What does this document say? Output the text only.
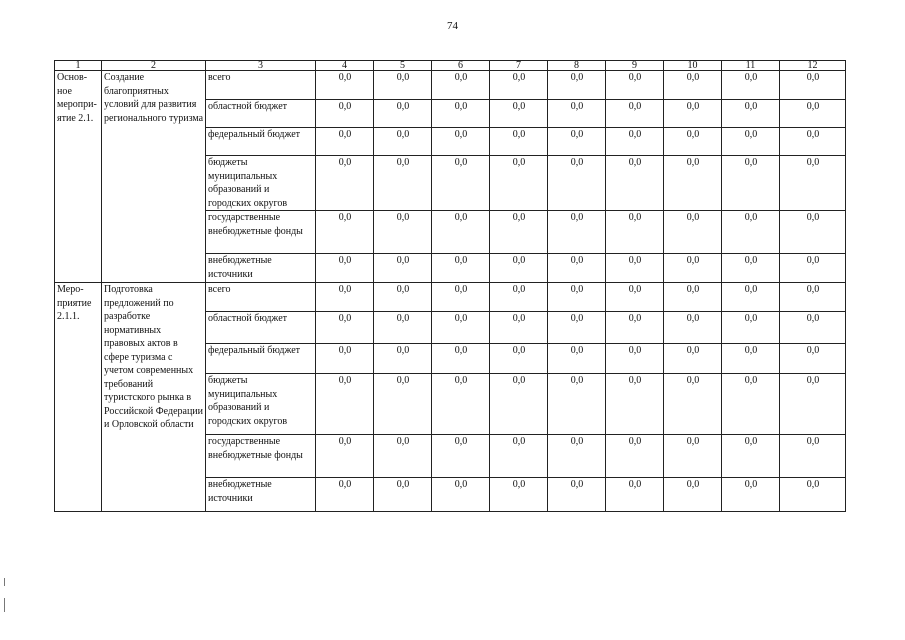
74
1	2	3	4	5	6	7	8	9	10	11	12
Основ-ное меропри-ятие 2.1.	Создание благоприятных условий для развития регионального туризма	всего	0,0	0,0	0,0	0,0	0,0	0,0	0,0	0,0	0,0
		областной бюджет	0,0	0,0	0,0	0,0	0,0	0,0	0,0	0,0	0,0
		федеральный бюджет	0,0	0,0	0,0	0,0	0,0	0,0	0,0	0,0	0,0
		бюджеты муниципальных образований и городских округов	0,0	0,0	0,0	0,0	0,0	0,0	0,0	0,0	0,0
		государственные внебюджетные фонды	0,0	0,0	0,0	0,0	0,0	0,0	0,0	0,0	0,0
		внебюджетные источники	0,0	0,0	0,0	0,0	0,0	0,0	0,0	0,0	0,0
Меро-приятие 2.1.1.	Подготовка предложений по разработке нормативных правовых актов в сфере туризма с учетом современных требований туристского рынка в Российской Федерации и Орловской области	всего	0,0	0,0	0,0	0,0	0,0	0,0	0,0	0,0	0,0
		областной бюджет	0,0	0,0	0,0	0,0	0,0	0,0	0,0	0,0	0,0
		федеральный бюджет	0,0	0,0	0,0	0,0	0,0	0,0	0,0	0,0	0,0
		бюджеты муниципальных образований и городских округов	0,0	0,0	0,0	0,0	0,0	0,0	0,0	0,0	0,0
		государственные внебюджетные фонды	0,0	0,0	0,0	0,0	0,0	0,0	0,0	0,0	0,0
		внебюджетные источники	0,0	0,0	0,0	0,0	0,0	0,0	0,0	0,0	0,0
